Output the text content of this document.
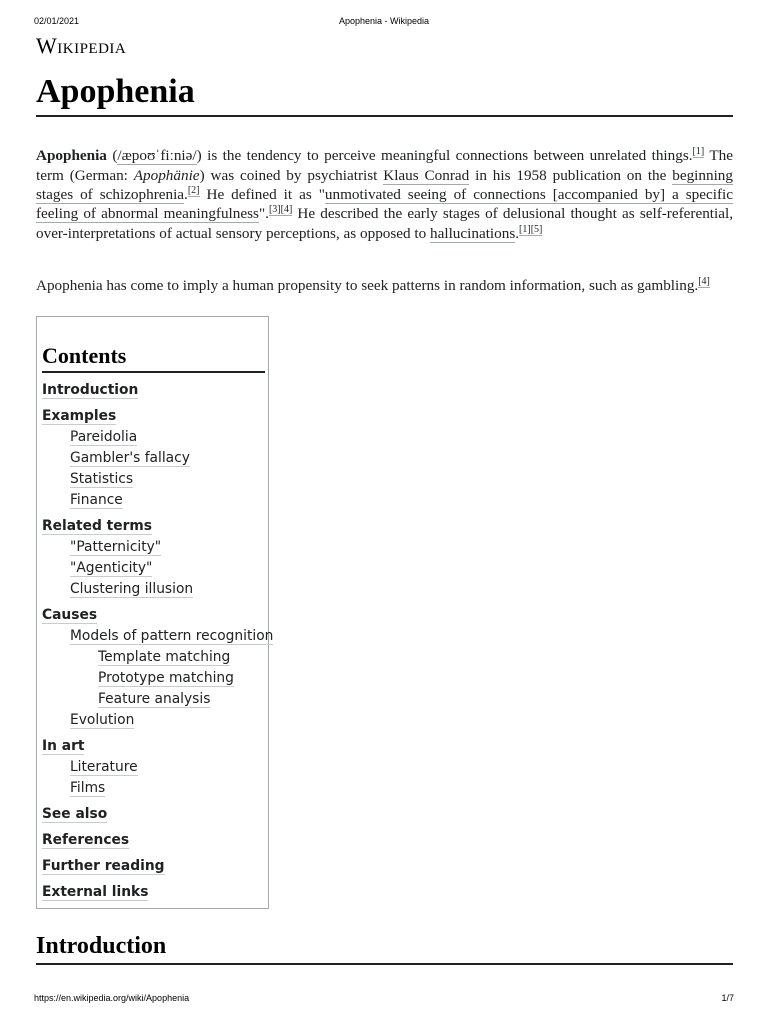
02/01/2021	Apophenia - Wikipedia
Wikipedia
Apophenia

Apophenia (/æpoʊˈfiːniə/) is the tendency to perceive meaningful connections between unrelated things.[1] The term (German: Apophänie) was coined by psychiatrist Klaus Conrad in his 1958 publication on the beginning stages of schizophrenia.[2] He defined it as "unmotivated seeing of connections [accompanied by] a specific feeling of abnormal meaningfulness".[3][4] He described the early stages of delusional thought as self-referential, over-interpretations of actual sensory perceptions, as opposed to hallucinations.[1][5]

Apophenia has come to imply a human propensity to seek patterns in random information, such as gambling.[4]

Contents
Introduction
Examples
Pareidolia
Gambler's fallacy
Statistics
Finance
Related terms
"Patternicity"
"Agenticity"
Clustering illusion
Causes
Models of pattern recognition
Template matching
Prototype matching
Feature analysis
Evolution
In art
Literature
Films
See also
References
Further reading
External links
Introduction
https://en.wikipedia.org/wiki/Apophenia	1/7
